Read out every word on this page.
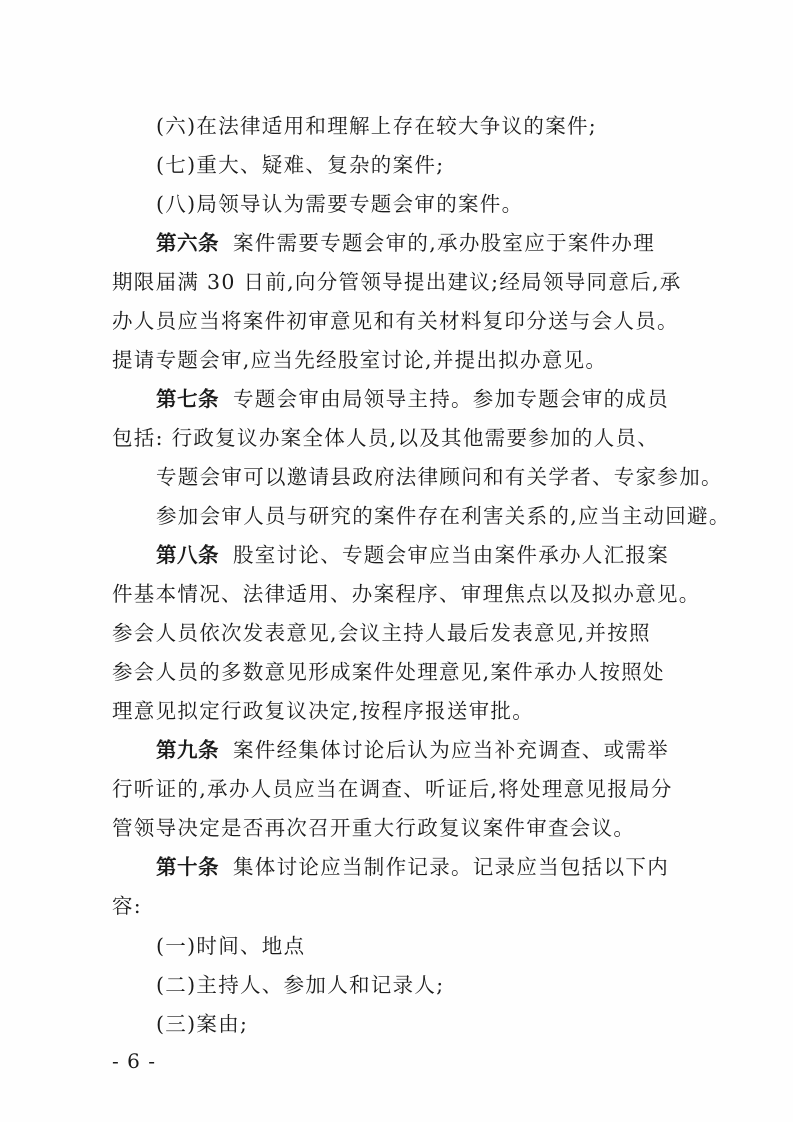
(六)在法律适用和理解上存在较大争议的案件;
(七)重大、疑难、复杂的案件;
(八)局领导认为需要专题会审的案件。
第六条 案件需要专题会审的,承办股室应于案件办理
期限届满 30 日前,向分管领导提出建议;经局领导同意后,承
办人员应当将案件初审意见和有关材料复印分送与会人员。
提请专题会审,应当先经股室讨论,并提出拟办意见。
第七条 专题会审由局领导主持。参加专题会审的成员
包括: 行政复议办案全体人员,以及其他需要参加的人员、
专题会审可以邀请县政府法律顾问和有关学者、专家参加。
参加会审人员与研究的案件存在利害关系的,应当主动回避。
第八条 股室讨论、专题会审应当由案件承办人汇报案
件基本情况、法律适用、办案程序、审理焦点以及拟办意见。
参会人员依次发表意见,会议主持人最后发表意见,并按照
参会人员的多数意见形成案件处理意见,案件承办人按照处
理意见拟定行政复议决定,按程序报送审批。
第九条 案件经集体讨论后认为应当补充调查、或需举
行听证的,承办人员应当在调查、听证后,将处理意见报局分
管领导决定是否再次召开重大行政复议案件审查会议。
第十条 集体讨论应当制作记录。记录应当包括以下内
容:
(一)时间、地点
(二)主持人、参加人和记录人;
(三)案由;
- 6 -
